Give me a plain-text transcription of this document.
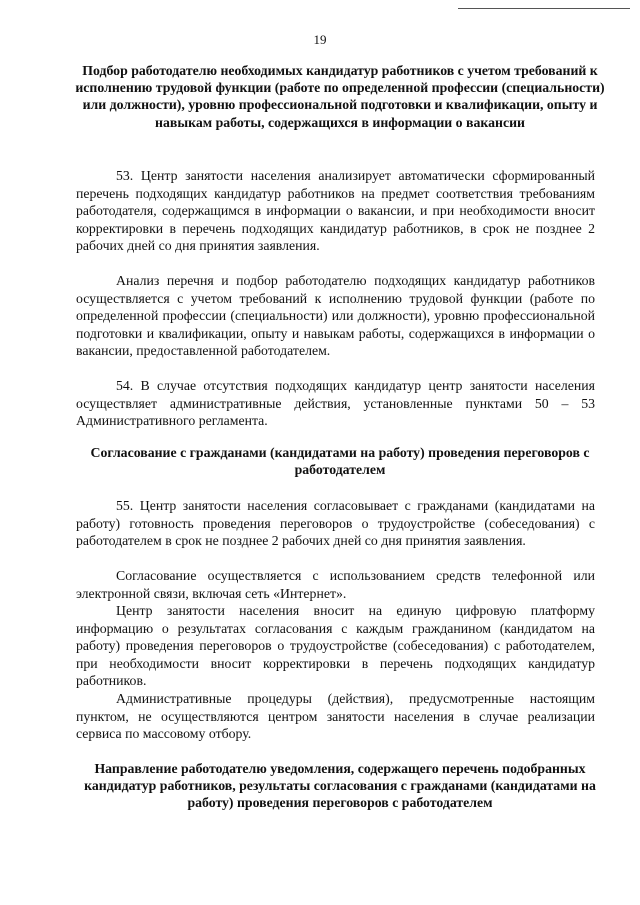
19
Подбор работодателю необходимых кандидатур работников с учетом требований к исполнению трудовой функции (работе по определенной профессии (специальности) или должности), уровню профессиональной подготовки и квалификации, опыту и навыкам работы, содержащихся в информации о вакансии

53. Центр занятости населения анализирует автоматически сформированный перечень подходящих кандидатур работников на предмет соответствия требованиям работодателя, содержащимся в информации о вакансии, и при необходимости вносит корректировки в перечень подходящих кандидатур работников, в срок не позднее 2 рабочих дней со дня принятия заявления.

Анализ перечня и подбор работодателю подходящих кандидатур работников осуществляется с учетом требований к исполнению трудовой функции (работе по определенной профессии (специальности) или должности), уровню профессиональной подготовки и квалификации, опыту и навыкам работы, содержащихся в информации о вакансии, предоставленной работодателем.

54. В случае отсутствия подходящих кандидатур центр занятости населения осуществляет административные действия, установленные пунктами 50 – 53 Административного регламента.

Согласование с гражданами (кандидатами на работу) проведения переговоров с работодателем

55. Центр занятости населения согласовывает с гражданами (кандидатами на работу) готовность проведения переговоров о трудоустройстве (собеседования) с работодателем в срок не позднее 2 рабочих дней со дня принятия заявления.

Согласование осуществляется с использованием средств телефонной или электронной связи, включая сеть «Интернет».

Центр занятости населения вносит на единую цифровую платформу информацию о результатах согласования с каждым гражданином (кандидатом на работу) проведения переговоров о трудоустройстве (собеседования) с работодателем, при необходимости вносит корректировки в перечень подходящих кандидатур работников.

Административные процедуры (действия), предусмотренные настоящим пунктом, не осуществляются центром занятости населения в случае реализации сервиса по массовому отбору.

Направление работодателю уведомления, содержащего перечень подобранных кандидатур работников, результаты согласования с гражданами (кандидатами на работу) проведения переговоров с работодателем
